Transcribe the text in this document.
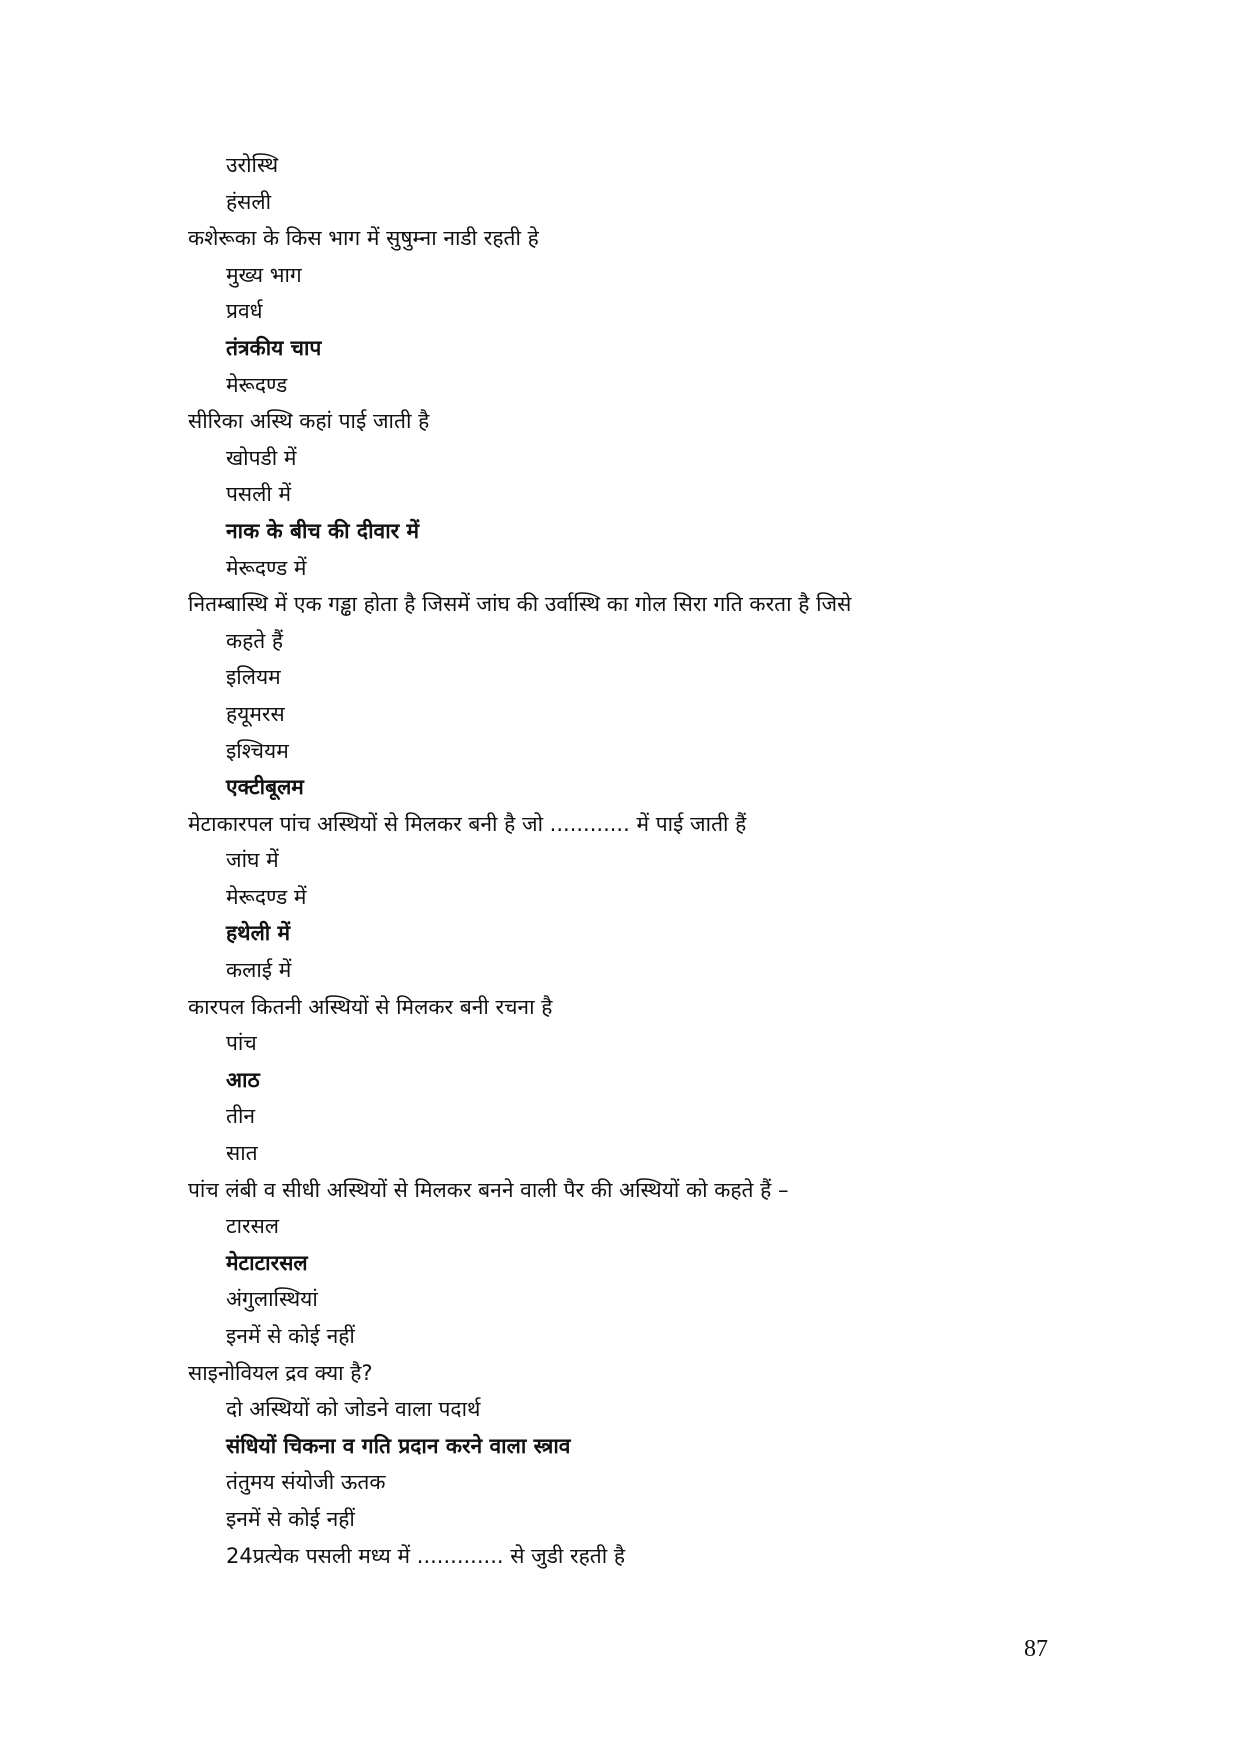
उरोस्थि
हंसली
कशेरूका के किस भाग में सुषुम्ना नाडी रहती हे
मुख्य भाग
प्रवर्ध
तंत्रकीय चाप
मेरूदण्ड
सीरिका अस्थि कहां पाई जाती है
खोपडी में
पसली में
नाक के बीच की दीवार में
मेरूदण्ड में
नितम्बास्थि में एक गड्ढा होता है जिसमें जांघ की उर्वास्थि का गोल सिरा गति करता है जिसे
कहते हैं
इलियम
हयूमरस
इश्चियम
एक्टीबूलम
मेटाकारपल पांच अस्थियों से मिलकर बनी है जो ............ में पाई जाती हैं
जांघ में
मेरूदण्ड में
हथेली में
कलाई में
कारपल कितनी अस्थियों से मिलकर बनी रचना है
पांच
आठ
तीन
सात
पांच लंबी व सीधी अस्थियों से मिलकर बनने वाली पैर की अस्थियों को कहते हैं –
टारसल
मेटाटारसल
अंगुलास्थियां
इनमें से कोई नहीं
साइनोवियल द्रव क्या है?
दो अस्थियों को जोडने वाला पदार्थ
संधियों चिकना व गति प्रदान करने वाला स्त्राव
तंतुमय संयोजी ऊतक
इनमें से कोई नहीं
24प्रत्येक पसली मध्य में ............. से जुडी रहती है
87
